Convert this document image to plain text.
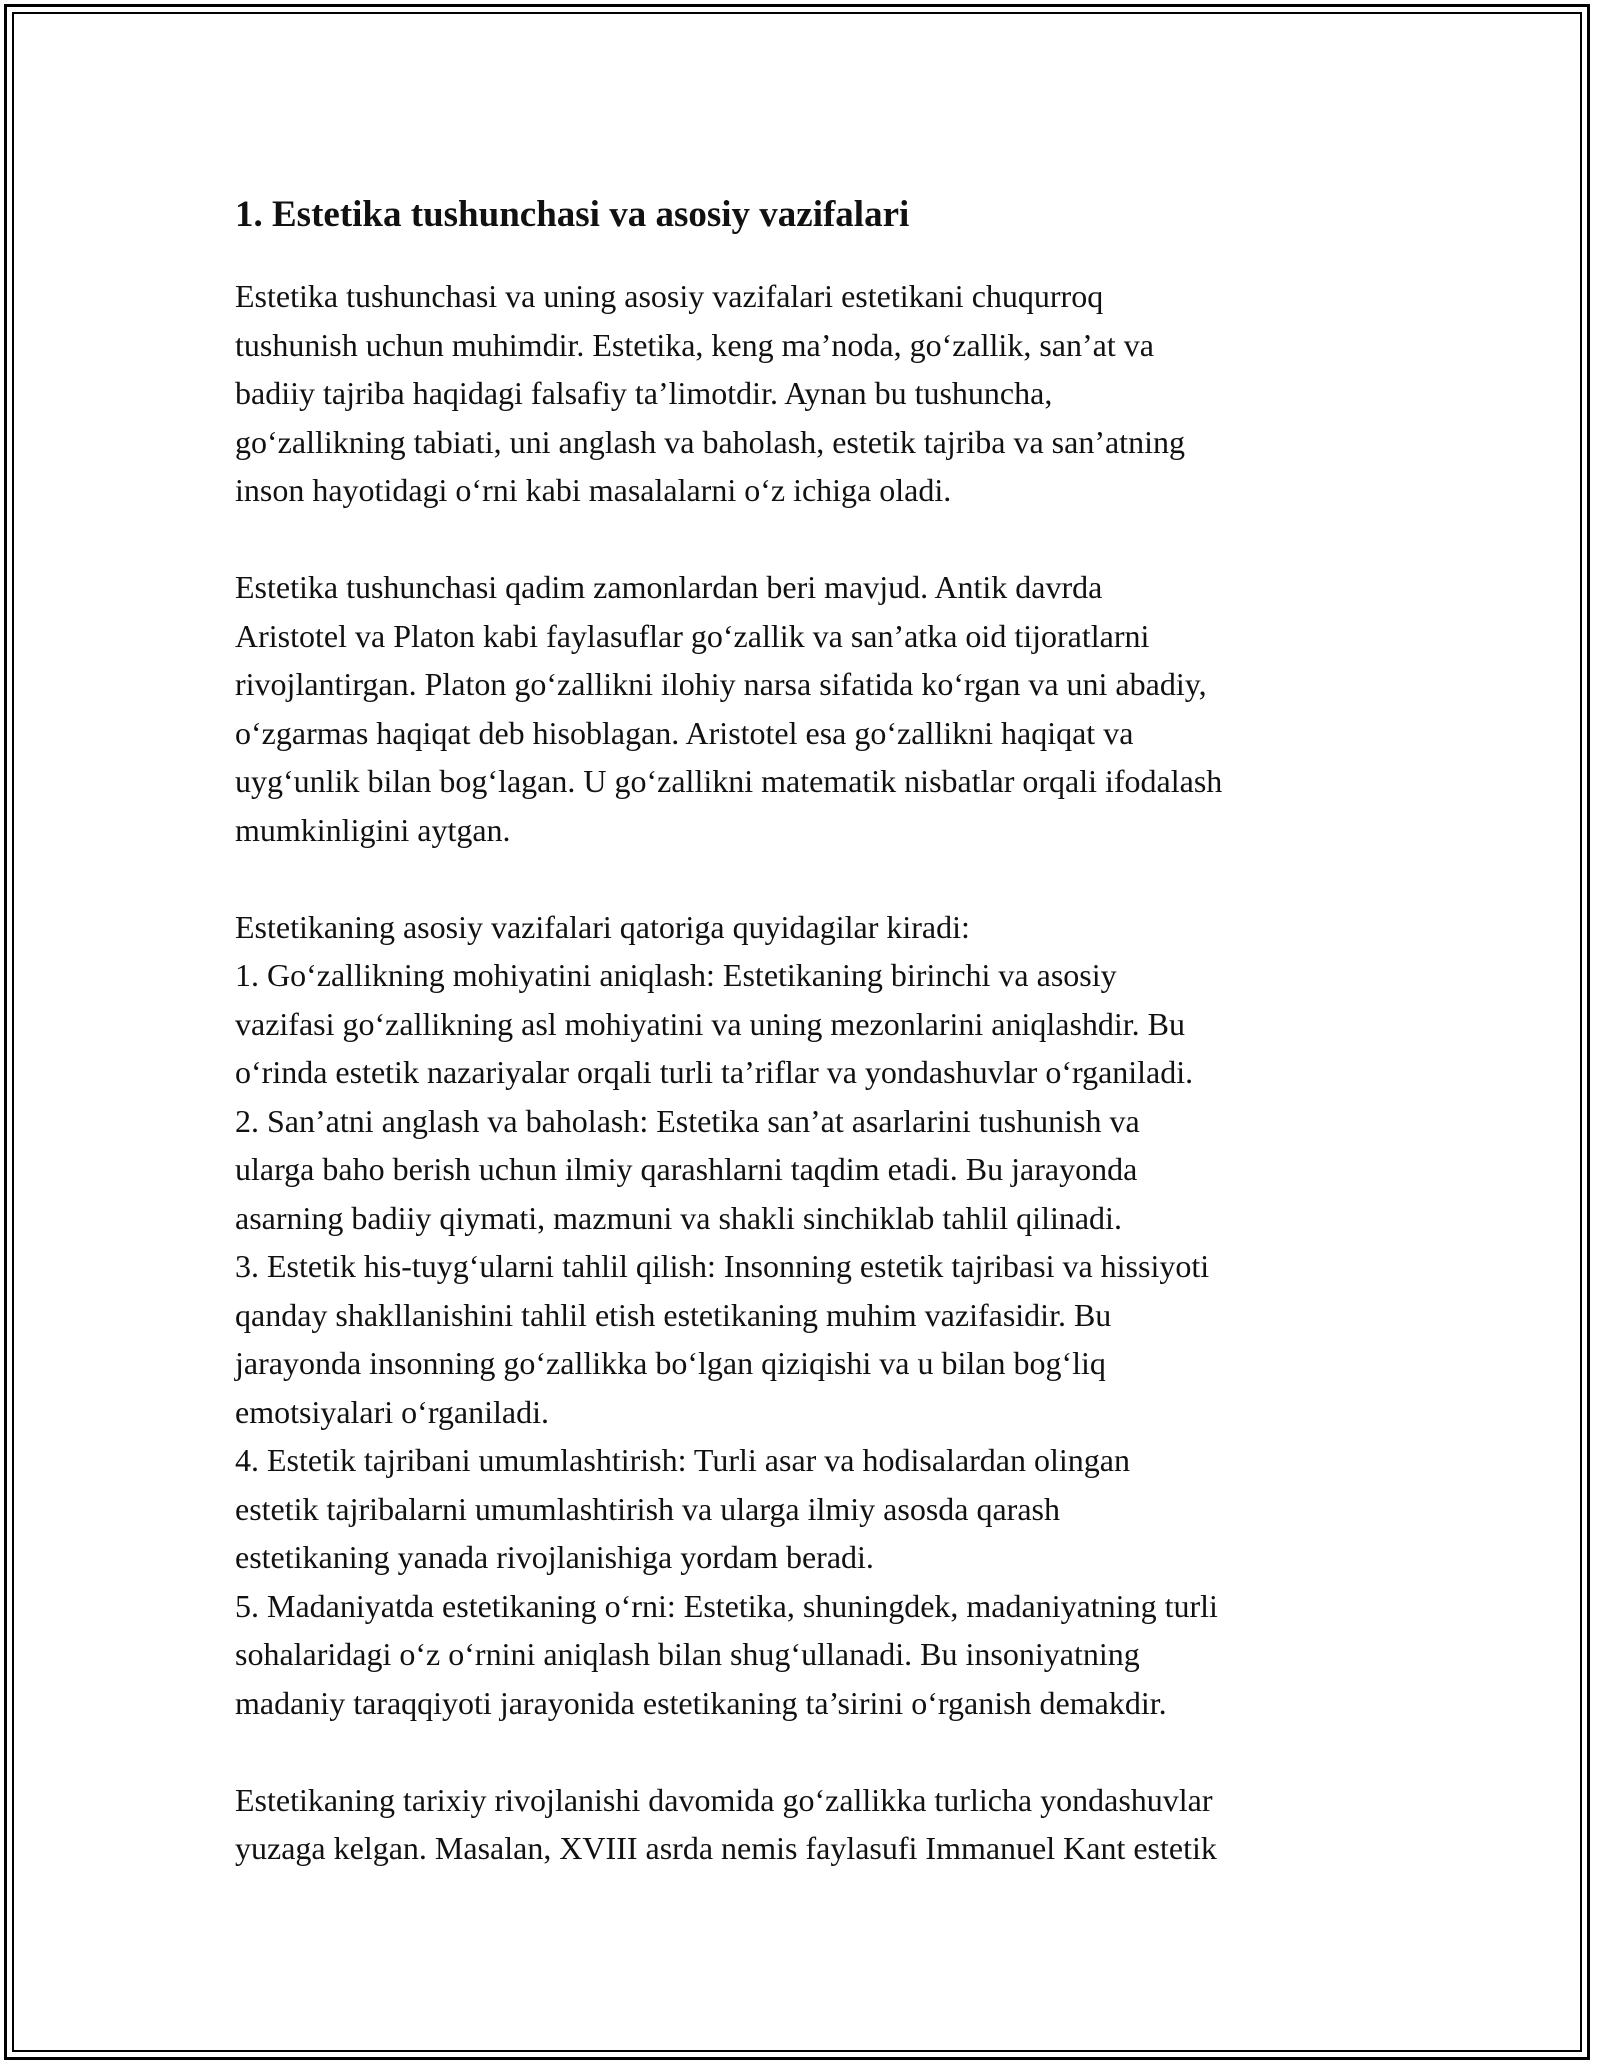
1. Estetika tushunchasi va asosiy vazifalari

Estetika tushunchasi va uning asosiy vazifalari estetikani chuqurroq
tushunish uchun muhimdir. Estetika, keng ma’noda, go‘zallik, san’at va
badiiy tajriba haqidagi falsafiy ta’limotdir. Aynan bu tushuncha,
go‘zallikning tabiati, uni anglash va baholash, estetik tajriba va san’atning
inson hayotidagi o‘rni kabi masalalarni o‘z ichiga oladi.

Estetika tushunchasi qadim zamonlardan beri mavjud. Antik davrda
Aristotel va Platon kabi faylasuflar go‘zallik va san’atka oid tijoratlarni
rivojlantirgan. Platon go‘zallikni ilohiy narsa sifatida ko‘rgan va uni abadiy,
o‘zgarmas haqiqat deb hisoblagan. Aristotel esa go‘zallikni haqiqat va
uyg‘unlik bilan bog‘lagan. U go‘zallikni matematik nisbatlar orqali ifodalash
mumkinligini aytgan.

Estetikaning asosiy vazifalari qatoriga quyidagilar kiradi:

1. Go‘zallikning mohiyatini aniqlash: Estetikaning birinchi va asosiy
vazifasi go‘zallikning asl mohiyatini va uning mezonlarini aniqlashdir. Bu
o‘rinda estetik nazariyalar orqali turli ta’riflar va yondashuvlar o‘rganiladi.

2. San’atni anglash va baholash: Estetika san’at asarlarini tushunish va
ularga baho berish uchun ilmiy qarashlarni taqdim etadi. Bu jarayonda
asarning badiiy qiymati, mazmuni va shakli sinchiklab tahlil qilinadi.

3. Estetik his-tuyg‘ularni tahlil qilish: Insonning estetik tajribasi va hissiyoti
qanday shakllanishini tahlil etish estetikaning muhim vazifasidir. Bu
jarayonda insonning go‘zallikka bo‘lgan qiziqishi va u bilan bog‘liq
emotsiyalari o‘rganiladi.

4. Estetik tajribani umumlashtirish: Turli asar va hodisalardan olingan
estetik tajribalarni umumlashtirish va ularga ilmiy asosda qarash
estetikaning yanada rivojlanishiga yordam beradi.

5. Madaniyatda estetikaning o‘rni: Estetika, shuningdek, madaniyatning turli
sohalaridagi o‘z o‘rnini aniqlash bilan shug‘ullanadi. Bu insoniyatning
madaniy taraqqiyoti jarayonida estetikaning ta’sirini o‘rganish demakdir.

Estetikaning tarixiy rivojlanishi davomida go‘zallikka turlicha yondashuvlar
yuzaga kelgan. Masalan, XVIII asrda nemis faylasufi Immanuel Kant estetik
